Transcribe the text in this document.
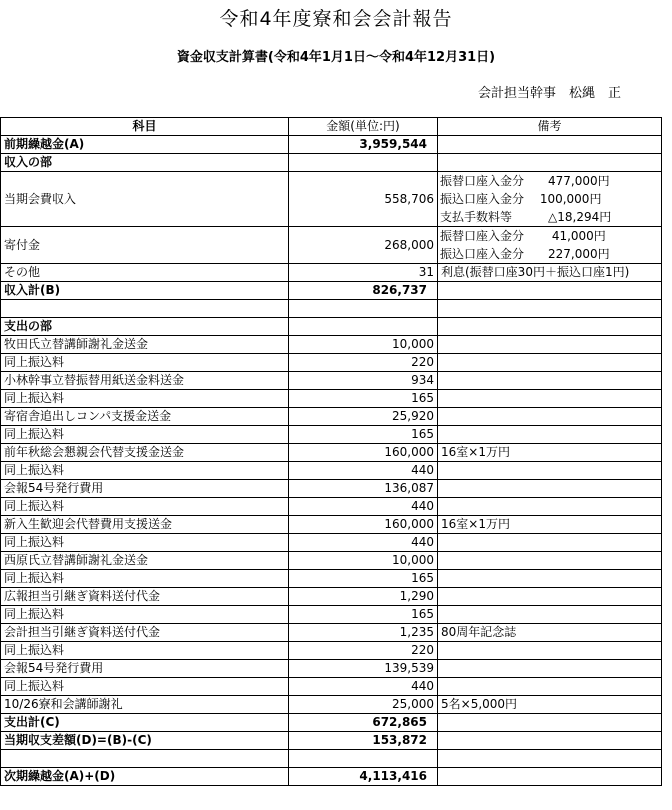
令和4年度寮和会会計報告
資金収支計算書(令和4年1月1日～令和4年12月31日)
会計担当幹事　松縄　正
科目	金額(単位:円)	備考
前期繰越金(A)	3,959,544	
収入の部		
当期会費収入	558,706	振替口座入金分　　477,000円
振込口座入金分　 100,000円
支払手数料等　　　△18,294円

寄付金	268,000	振替口座入金分　　 41,000円
振込口座入金分　　227,000円

その他	31	利息(振替口座30円＋振込口座1円)
収入計(B)	826,737	

支出の部		
牧田氏立替講師謝礼金送金	10,000	
同上振込料	220	
小林幹事立替振替用紙送金料送金	934	
同上振込料	165	
寄宿舎追出しコンパ支援金送金	25,920	
同上振込料	165	
前年秋総会懇親会代替支援金送金	160,000	16室×1万円
同上振込料	440	
会報54号発行費用	136,087	
同上振込料	440	
新入生歓迎会代替費用支援送金	160,000	16室×1万円
同上振込料	440	
西原氏立替講師謝礼金送金	10,000	
同上振込料	165	
広報担当引継ぎ資料送付代金	1,290	
同上振込料	165	
会計担当引継ぎ資料送付代金	1,235	80周年記念誌
同上振込料	220	
会報54号発行費用	139,539	
同上振込料	440	
10/26寮和会講師謝礼	25,000	5名×5,000円
支出計(C)	672,865	
当期収支差額(D)=(B)-(C)	153,872	

次期繰越金(A)+(D)	4,113,416	
